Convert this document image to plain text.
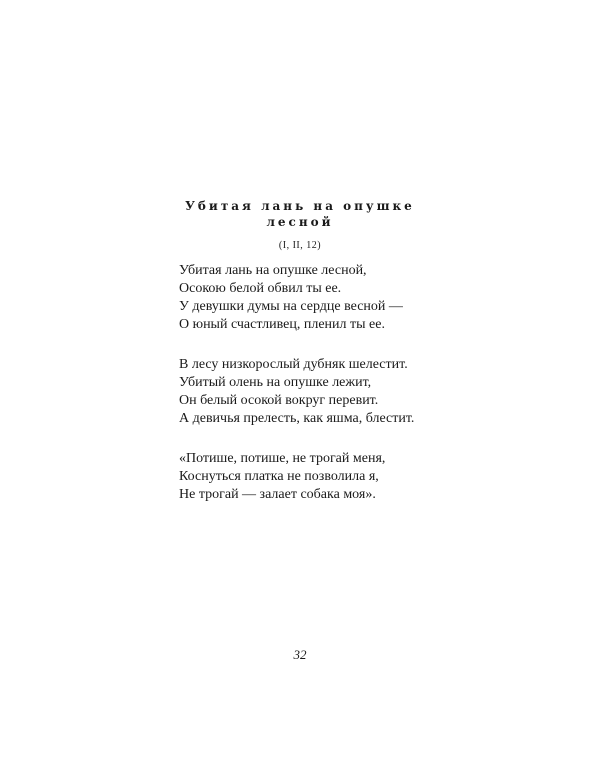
Убитая лань на опушке
лесной
(I, II, 12)
Убитая лань на опушке лесной,
Осокою белой обвил ты ее.
У девушки думы на сердце весной —
О юный счастливец, пленил ты ее.
В лесу низкорослый дубняк шелестит.
Убитый олень на опушке лежит,
Он белый осокой вокруг перевит.
А девичья прелесть, как яшма, блестит.
«Потише, потише, не трогай меня,
Коснуться платка не позволила я,
Не трогай — залает собака моя».
32
